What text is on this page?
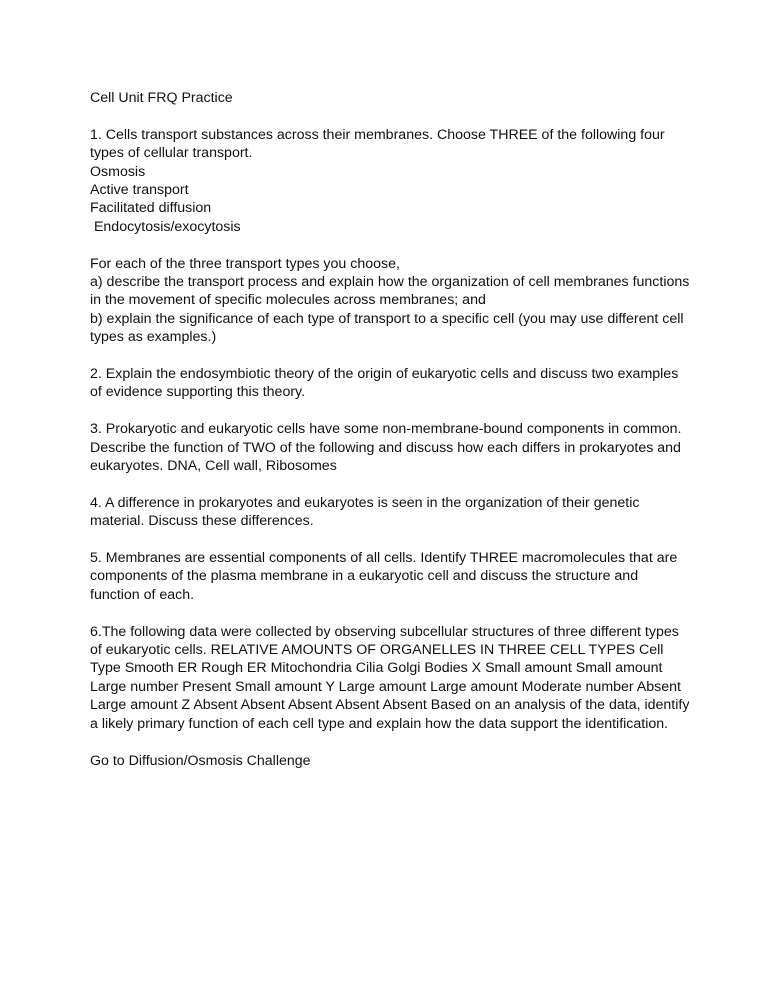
Cell Unit FRQ Practice

1. Cells transport substances across their membranes. Choose THREE of the following four types of cellular transport.
Osmosis
Active transport
Facilitated diffusion
Endocytosis/exocytosis
For each of the three transport types you choose,
a) describe the transport process and explain how the organization of cell membranes functions in the movement of specific molecules across membranes; and
b) explain the significance of each type of transport to a specific cell (you may use different cell types as examples.)

2. Explain the endosymbiotic theory of the origin of eukaryotic cells and discuss two examples of evidence supporting this theory.

3. Prokaryotic and eukaryotic cells have some non-membrane-bound components in common. Describe the function of TWO of the following and discuss how each differs in prokaryotes and eukaryotes. DNA, Cell wall, Ribosomes

4. A difference in prokaryotes and eukaryotes is seen in the organization of their genetic material. Discuss these differences.

5. Membranes are essential components of all cells. Identify THREE macromolecules that are components of the plasma membrane in a eukaryotic cell and discuss the structure and function of each.

6.The following data were collected by observing subcellular structures of three different types of eukaryotic cells. RELATIVE AMOUNTS OF ORGANELLES IN THREE CELL TYPES Cell Type Smooth ER Rough ER Mitochondria Cilia Golgi Bodies X Small amount Small amount Large number Present Small amount Y Large amount Large amount Moderate number Absent Large amount Z Absent Absent Absent Absent Absent Based on an analysis of the data, identify a likely primary function of each cell type and explain how the data support the identification.

Go to Diffusion/Osmosis Challenge
